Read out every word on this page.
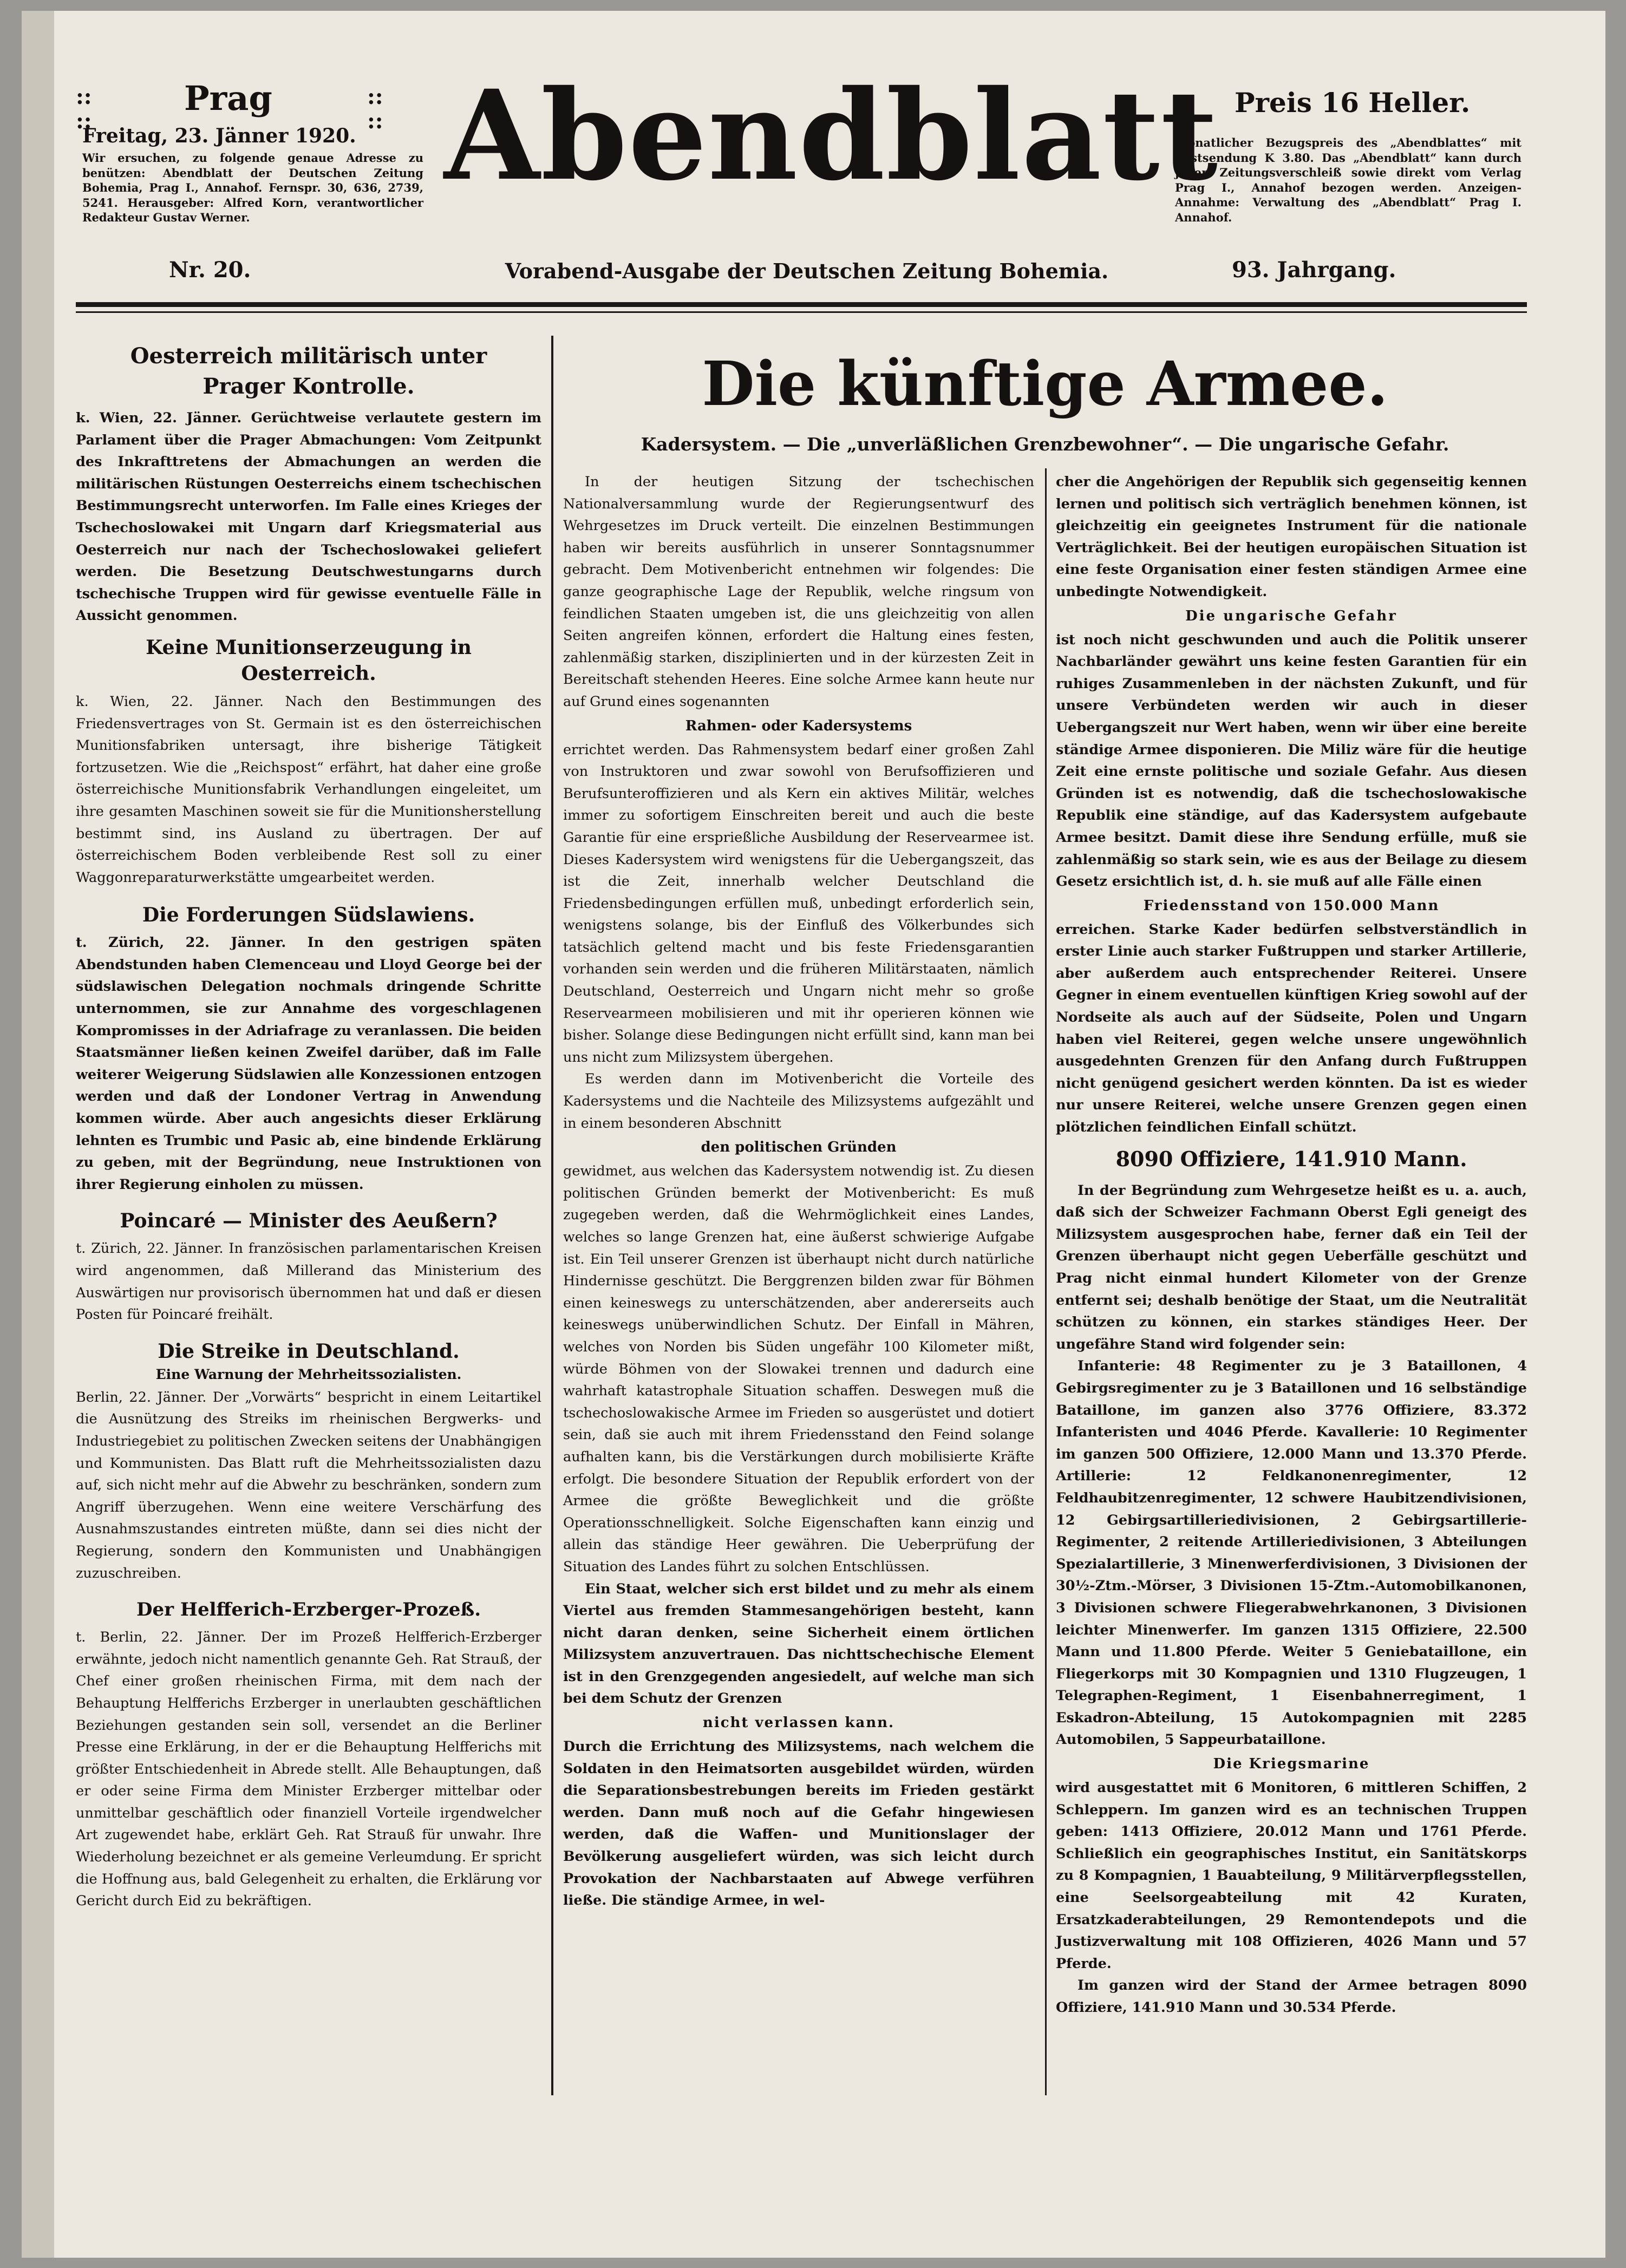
::
::
::
::
Prag
Freitag, 23. Jänner 1920.
Wir ersuchen, zu folgende genaue Adresse zu benützen: Abendblatt der Deutschen Zeitung Bohemia, Prag I., Annahof. Fernspr. 30, 636, 2739, 5241. Herausgeber: Alfred Korn, verantwortlicher Redakteur Gustav Werner.
Nr. 20.
Abendblatt
Vorabend-Ausgabe der Deutschen Zeitung Bohemia.
Preis 16 Heller.
Monatlicher Bezugspreis des „Abendblattes“ mit Postsendung K 3.80. Das „Abendblatt“ kann durch jeden Zeitungsverschleiß sowie direkt vom Verlag Prag I., Annahof bezogen werden. Anzeigen-Annahme: Verwaltung des „Abendblatt“ Prag I. Annahof.
93. Jahrgang.
Oesterreich militärisch unter Prager Kontrolle.

k. Wien, 22. Jänner. Gerüchtweise verlautete gestern im Parlament über die Prager Abmachungen: Vom Zeitpunkt des Inkrafttretens der Abmachungen an werden die militärischen Rüstungen Oesterreichs einem tschechischen Bestimmungsrecht unterworfen. Im Falle eines Krieges der Tschechoslowakei mit Ungarn darf Kriegsmaterial aus Oesterreich nur nach der Tschechoslowakei geliefert werden. Die Besetzung Deutschwestungarns durch tschechische Truppen wird für gewisse eventuelle Fälle in Aussicht genommen.

Keine Munitionserzeugung in Oesterreich.

k. Wien, 22. Jänner. Nach den Bestimmungen des Friedensvertrages von St. Germain ist es den österreichischen Munitionsfabriken untersagt, ihre bisherige Tätigkeit fortzusetzen. Wie die „Reichspost“ erfährt, hat daher eine große österreichische Munitionsfabrik Verhandlungen eingeleitet, um ihre gesamten Maschinen soweit sie für die Munitionsherstellung bestimmt sind, ins Ausland zu übertragen. Der auf österreichischem Boden verbleibende Rest soll zu einer Waggonreparaturwerkstätte umgearbeitet werden.

Die Forderungen Südslawiens.

t. Zürich, 22. Jänner. In den gestrigen späten Abendstunden haben Clemenceau und Lloyd George bei der südslawischen Delegation nochmals dringende Schritte unternommen, sie zur Annahme des vorgeschlagenen Kompromisses in der Adriafrage zu veranlassen. Die beiden Staatsmänner ließen keinen Zweifel darüber, daß im Falle weiterer Weigerung Südslawien alle Konzessionen entzogen werden und daß der Londoner Vertrag in Anwendung kommen würde. Aber auch angesichts dieser Erklärung lehnten es Trumbic und Pasic ab, eine bindende Erklärung zu geben, mit der Begründung, neue Instruktionen von ihrer Regierung einholen zu müssen.

Poincaré — Minister des Aeußern?

t. Zürich, 22. Jänner. In französischen parlamentarischen Kreisen wird angenommen, daß Millerand das Ministerium des Auswärtigen nur provisorisch übernommen hat und daß er diesen Posten für Poincaré freihält.

Die Streike in Deutschland.
Eine Warnung der Mehrheitssozialisten.

Berlin, 22. Jänner. Der „Vorwärts“ bespricht in einem Leitartikel die Ausnützung des Streiks im rheinischen Bergwerks- und Industriegebiet zu politischen Zwecken seitens der Unabhängigen und Kommunisten. Das Blatt ruft die Mehrheitssozialisten dazu auf, sich nicht mehr auf die Abwehr zu beschränken, sondern zum Angriff überzugehen. Wenn eine weitere Verschärfung des Ausnahmszustandes eintreten müßte, dann sei dies nicht der Regierung, sondern den Kommunisten und Unabhängigen zuzuschreiben.

Der Helfferich-Erzberger-Prozeß.

t. Berlin, 22. Jänner. Der im Prozeß Helfferich-Erzberger erwähnte, jedoch nicht namentlich genannte Geh. Rat Strauß, der Chef einer großen rheinischen Firma, mit dem nach der Behauptung Helfferichs Erzberger in unerlaubten geschäftlichen Beziehungen gestanden sein soll, versendet an die Berliner Presse eine Erklärung, in der er die Behauptung Helfferichs mit größter Entschiedenheit in Abrede stellt. Alle Behauptungen, daß er oder seine Firma dem Minister Erzberger mittelbar oder unmittelbar geschäftlich oder finanziell Vorteile irgendwelcher Art zugewendet habe, erklärt Geh. Rat Strauß für unwahr. Ihre Wiederholung bezeichnet er als gemeine Verleumdung. Er spricht die Hoffnung aus, bald Gelegenheit zu erhalten, die Erklärung vor Gericht durch Eid zu bekräftigen.

Die künftige Armee.
Kadersystem. — Die „unverläßlichen Grenzbewohner“. — Die ungarische Gefahr.

In der heutigen Sitzung der tschechischen Nationalversammlung wurde der Regierungsentwurf des Wehrgesetzes im Druck verteilt. Die einzelnen Bestimmungen haben wir bereits ausführlich in unserer Sonntagsnummer gebracht. Dem Motivenbericht entnehmen wir folgendes: Die ganze geographische Lage der Republik, welche ringsum von feindlichen Staaten umgeben ist, die uns gleichzeitig von allen Seiten angreifen können, erfordert die Haltung eines festen, zahlenmäßig starken, disziplinierten und in der kürzesten Zeit in Bereitschaft stehenden Heeres. Eine solche Armee kann heute nur auf Grund eines sogenannten

Rahmen- oder Kadersystems

errichtet werden. Das Rahmensystem bedarf einer großen Zahl von Instruktoren und zwar sowohl von Berufsoffizieren und Berufsunteroffizieren und als Kern ein aktives Militär, welches immer zu sofortigem Einschreiten bereit und auch die beste Garantie für eine ersprießliche Ausbildung der Reservearmee ist. Dieses Kadersystem wird wenigstens für die Uebergangszeit, das ist die Zeit, innerhalb welcher Deutschland die Friedensbedingungen erfüllen muß, unbedingt erforderlich sein, wenigstens solange, bis der Einfluß des Völkerbundes sich tatsächlich geltend macht und bis feste Friedensgarantien vorhanden sein werden und die früheren Militärstaaten, nämlich Deutschland, Oesterreich und Ungarn nicht mehr so große Reservearmeen mobilisieren und mit ihr operieren können wie bisher. Solange diese Bedingungen nicht erfüllt sind, kann man bei uns nicht zum Milizsystem übergehen.

Es werden dann im Motivenbericht die Vorteile des Kadersystems und die Nachteile des Milizsystems aufgezählt und in einem besonderen Abschnitt

den politischen Gründen

gewidmet, aus welchen das Kadersystem notwendig ist. Zu diesen politischen Gründen bemerkt der Motivenbericht: Es muß zugegeben werden, daß die Wehrmöglichkeit eines Landes, welches so lange Grenzen hat, eine äußerst schwierige Aufgabe ist. Ein Teil unserer Grenzen ist überhaupt nicht durch natürliche Hindernisse geschützt. Die Berggrenzen bilden zwar für Böhmen einen keineswegs zu unterschätzenden, aber andererseits auch keineswegs unüberwindlichen Schutz. Der Einfall in Mähren, welches von Norden bis Süden ungefähr 100 Kilometer mißt, würde Böhmen von der Slowakei trennen und dadurch eine wahrhaft katastrophale Situation schaffen. Deswegen muß die tschechoslowakische Armee im Frieden so ausgerüstet und dotiert sein, daß sie auch mit ihrem Friedensstand den Feind solange aufhalten kann, bis die Verstärkungen durch mobilisierte Kräfte erfolgt. Die besondere Situation der Republik erfordert von der Armee die größte Beweglichkeit und die größte Operationsschnelligkeit. Solche Eigenschaften kann einzig und allein das ständige Heer gewähren. Die Ueberprüfung der Situation des Landes führt zu solchen Entschlüssen.

Ein Staat, welcher sich erst bildet und zu mehr als einem Viertel aus fremden Stammesangehörigen besteht, kann nicht daran denken, seine Sicherheit einem örtlichen Milizsystem anzuvertrauen. Das nichttschechische Element ist in den Grenzgegenden angesiedelt, auf welche man sich bei dem Schutz der Grenzen

nicht verlassen kann.

Durch die Errichtung des Milizsystems, nach welchem die Soldaten in den Heimatsorten ausgebildet würden, würden die Separationsbestrebungen bereits im Frieden gestärkt werden. Dann muß noch auf die Gefahr hingewiesen werden, daß die Waffen- und Munitionslager der Bevölkerung ausgeliefert würden, was sich leicht durch Provokation der Nachbarstaaten auf Abwege verführen ließe. Die ständige Armee, in wel-

cher die Angehörigen der Republik sich gegenseitig kennen lernen und politisch sich verträglich benehmen können, ist gleichzeitig ein geeignetes Instrument für die nationale Verträglichkeit. Bei der heutigen europäischen Situation ist eine feste Organisation einer festen ständigen Armee eine unbedingte Notwendigkeit.

Die ungarische Gefahr

ist noch nicht geschwunden und auch die Politik unserer Nachbarländer gewährt uns keine festen Garantien für ein ruhiges Zusammenleben in der nächsten Zukunft, und für unsere Verbündeten werden wir auch in dieser Uebergangszeit nur Wert haben, wenn wir über eine bereite ständige Armee disponieren. Die Miliz wäre für die heutige Zeit eine ernste politische und soziale Gefahr. Aus diesen Gründen ist es notwendig, daß die tschechoslowakische Republik eine ständige, auf das Kadersystem aufgebaute Armee besitzt. Damit diese ihre Sendung erfülle, muß sie zahlenmäßig so stark sein, wie es aus der Beilage zu diesem Gesetz ersichtlich ist, d. h. sie muß auf alle Fälle einen

Friedensstand von 150.000 Mann

erreichen. Starke Kader bedürfen selbstverständlich in erster Linie auch starker Fußtruppen und starker Artillerie, aber außerdem auch entsprechender Reiterei. Unsere Gegner in einem eventuellen künftigen Krieg sowohl auf der Nordseite als auch auf der Südseite, Polen und Ungarn haben viel Reiterei, gegen welche unsere ungewöhnlich ausgedehnten Grenzen für den Anfang durch Fußtruppen nicht genügend gesichert werden könnten. Da ist es wieder nur unsere Reiterei, welche unsere Grenzen gegen einen plötzlichen feindlichen Einfall schützt.

8090 Offiziere, 141.910 Mann.

In der Begründung zum Wehrgesetze heißt es u. a. auch, daß sich der Schweizer Fachmann Oberst Egli geneigt des Milizsystem ausgesprochen habe, ferner daß ein Teil der Grenzen überhaupt nicht gegen Ueberfälle geschützt und Prag nicht einmal hundert Kilometer von der Grenze entfernt sei; deshalb benötige der Staat, um die Neutralität schützen zu können, ein starkes ständiges Heer. Der ungefähre Stand wird folgender sein:

Infanterie: 48 Regimenter zu je 3 Bataillonen, 4 Gebirgsregimenter zu je 3 Bataillonen und 16 selbständige Bataillone, im ganzen also 3776 Offiziere, 83.372 Infanteristen und 4046 Pferde. Kavallerie: 10 Regimenter im ganzen 500 Offiziere, 12.000 Mann und 13.370 Pferde. Artillerie: 12 Feldkanonenregimenter, 12 Feldhaubitzenregimenter, 12 schwere Haubitzendivisionen, 12 Gebirgsartilleriedivisionen, 2 Gebirgsartillerie-Regimenter, 2 reitende Artilleriedivisionen, 3 Abteilungen Spezialartillerie, 3 Minenwerferdivisionen, 3 Divisionen der 30½-Ztm.-Mörser, 3 Divisionen 15-Ztm.-Automobilkanonen, 3 Divisionen schwere Fliegerabwehrkanonen, 3 Divisionen leichter Minenwerfer. Im ganzen 1315 Offiziere, 22.500 Mann und 11.800 Pferde. Weiter 5 Geniebataillone, ein Fliegerkorps mit 30 Kompagnien und 1310 Flugzeugen, 1 Telegraphen-Regiment, 1 Eisenbahnerregiment, 1 Eskadron-Abteilung, 15 Autokompagnien mit 2285 Automobilen, 5 Sappeurbataillone.

Die Kriegsmarine

wird ausgestattet mit 6 Monitoren, 6 mittleren Schiffen, 2 Schleppern. Im ganzen wird es an technischen Truppen geben: 1413 Offiziere, 20.012 Mann und 1761 Pferde. Schließlich ein geographisches Institut, ein Sanitätskorps zu 8 Kompagnien, 1 Bauabteilung, 9 Militärverpflegsstellen, eine Seelsorgeabteilung mit 42 Kuraten, Ersatzkaderabteilungen, 29 Remontendepots und die Justizverwaltung mit 108 Offizieren, 4026 Mann und 57 Pferde.

Im ganzen wird der Stand der Armee betragen 8090 Offiziere, 141.910 Mann und 30.534 Pferde.
